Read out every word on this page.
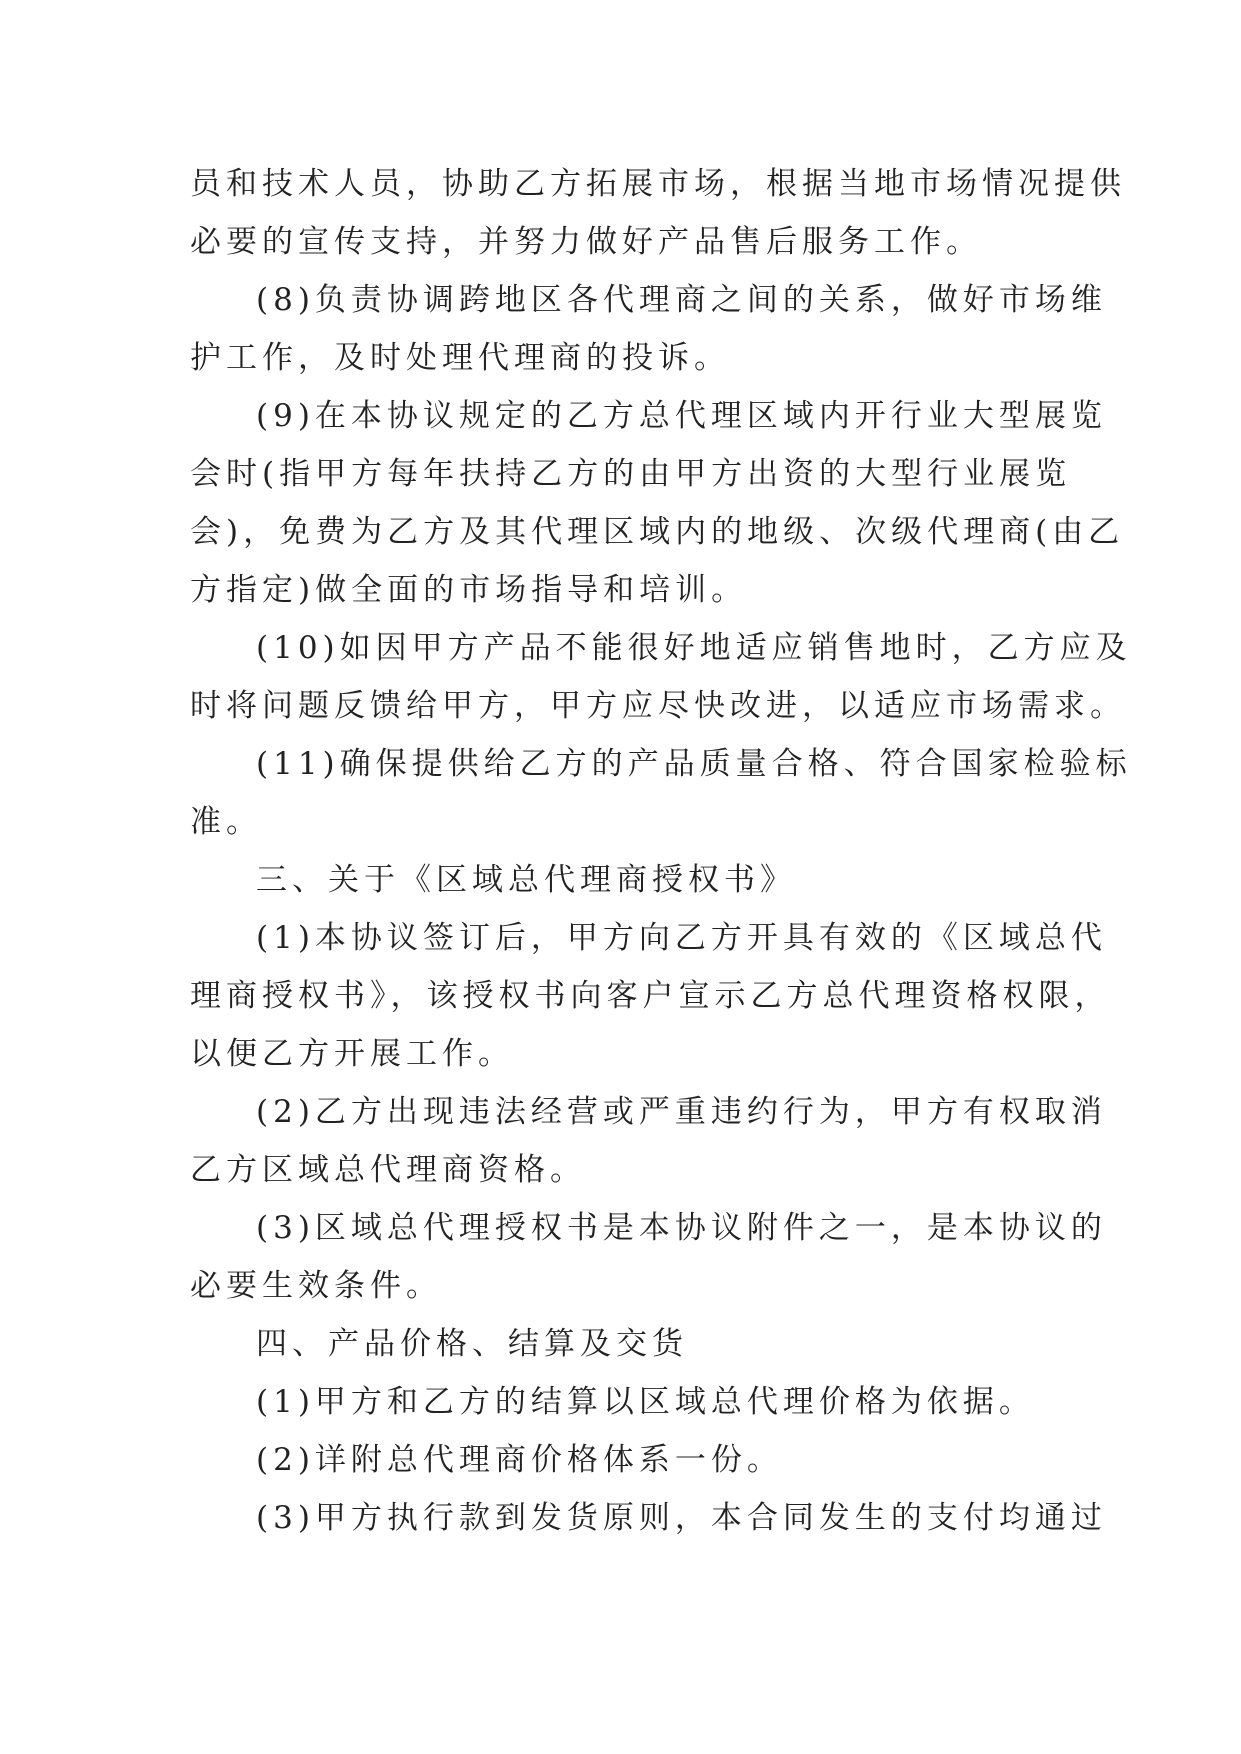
员和技术人员，协助乙方拓展市场，根据当地市场情况提供
必要的宣传支持，并努力做好产品售后服务工作。
(8)负责协调跨地区各代理商之间的关系，做好市场维
护工作，及时处理代理商的投诉。
(9)在本协议规定的乙方总代理区域内开行业大型展览
会时(指甲方每年扶持乙方的由甲方出资的大型行业展览
会)，免费为乙方及其代理区域内的地级、次级代理商(由乙
方指定)做全面的市场指导和培训。
(10)如因甲方产品不能很好地适应销售地时，乙方应及
时将问题反馈给甲方，甲方应尽快改进，以适应市场需求。
(11)确保提供给乙方的产品质量合格、符合国家检验标
准。
三、关于《区域总代理商授权书》
(1)本协议签订后，甲方向乙方开具有效的《区域总代
理商授权书》，该授权书向客户宣示乙方总代理资格权限，
以便乙方开展工作。
(2)乙方出现违法经营或严重违约行为，甲方有权取消
乙方区域总代理商资格。
(3)区域总代理授权书是本协议附件之一，是本协议的
必要生效条件。
四、产品价格、结算及交货
(1)甲方和乙方的结算以区域总代理价格为依据。
(2)详附总代理商价格体系一份。
(3)甲方执行款到发货原则，本合同发生的支付均通过
